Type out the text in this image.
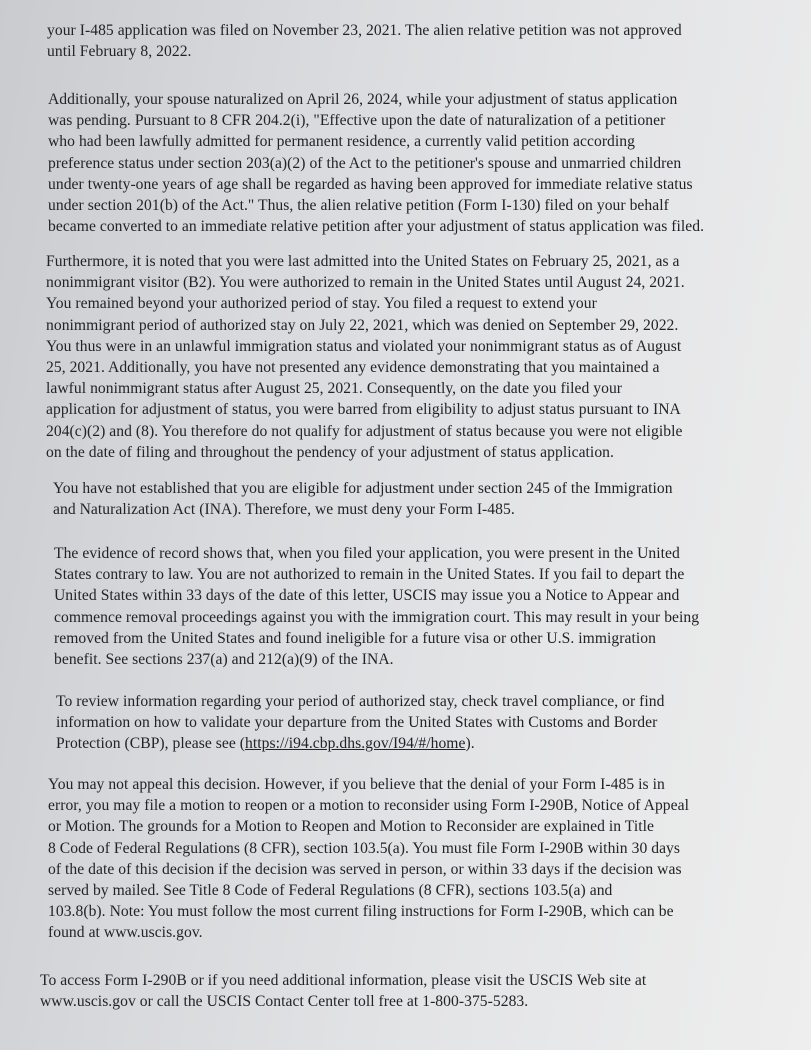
your I-485 application was filed on November 23, 2021. The alien relative petition was not approved
until February 8, 2022.

Additionally, your spouse naturalized on April 26, 2024, while your adjustment of status application
was pending. Pursuant to 8 CFR 204.2(i), "Effective upon the date of naturalization of a petitioner
who had been lawfully admitted for permanent residence, a currently valid petition according
preference status under section 203(a)(2) of the Act to the petitioner's spouse and unmarried children
under twenty-one years of age shall be regarded as having been approved for immediate relative status
under section 201(b) of the Act." Thus, the alien relative petition (Form I-130) filed on your behalf
became converted to an immediate relative petition after your adjustment of status application was filed.

Furthermore, it is noted that you were last admitted into the United States on February 25, 2021, as a
nonimmigrant visitor (B2). You were authorized to remain in the United States until August 24, 2021.
You remained beyond your authorized period of stay. You filed a request to extend your
nonimmigrant period of authorized stay on July 22, 2021, which was denied on September 29, 2022.
You thus were in an unlawful immigration status and violated your nonimmigrant status as of August
25, 2021. Additionally, you have not presented any evidence demonstrating that you maintained a
lawful nonimmigrant status after August 25, 2021. Consequently, on the date you filed your
application for adjustment of status, you were barred from eligibility to adjust status pursuant to INA
204(c)(2) and (8). You therefore do not qualify for adjustment of status because you were not eligible
on the date of filing and throughout the pendency of your adjustment of status application.

You have not established that you are eligible for adjustment under section 245 of the Immigration
and Naturalization Act (INA). Therefore, we must deny your Form I-485.

The evidence of record shows that, when you filed your application, you were present in the United
States contrary to law. You are not authorized to remain in the United States. If you fail to depart the
United States within 33 days of the date of this letter, USCIS may issue you a Notice to Appear and
commence removal proceedings against you with the immigration court. This may result in your being
removed from the United States and found ineligible for a future visa or other U.S. immigration
benefit. See sections 237(a) and 212(a)(9) of the INA.

To review information regarding your period of authorized stay, check travel compliance, or find
information on how to validate your departure from the United States with Customs and Border
Protection (CBP), please see (https://i94.cbp.dhs.gov/I94/#/home).

You may not appeal this decision. However, if you believe that the denial of your Form I-485 is in
error, you may file a motion to reopen or a motion to reconsider using Form I-290B, Notice of Appeal
or Motion. The grounds for a Motion to Reopen and Motion to Reconsider are explained in Title
8 Code of Federal Regulations (8 CFR), section 103.5(a). You must file Form I-290B within 30 days
of the date of this decision if the decision was served in person, or within 33 days if the decision was
served by mailed. See Title 8 Code of Federal Regulations (8 CFR), sections 103.5(a) and
103.8(b). Note: You must follow the most current filing instructions for Form I-290B, which can be
found at www.uscis.gov.

To access Form I-290B or if you need additional information, please visit the USCIS Web site at
www.uscis.gov or call the USCIS Contact Center toll free at 1-800-375-5283.
